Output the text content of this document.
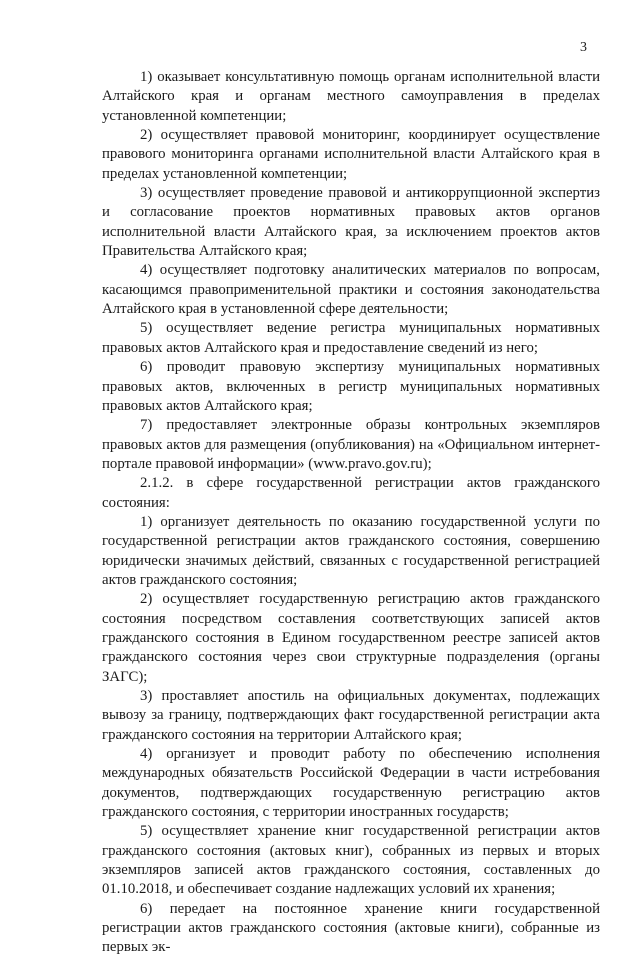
3

1) оказывает консультативную помощь органам исполнительной власти Алтайского края и органам местного самоуправления в пределах установленной компетенции;

2) осуществляет правовой мониторинг, координирует осуществление правового мониторинга органами исполнительной власти Алтайского края в пределах установленной компетенции;

3) осуществляет проведение правовой и антикоррупционной экспертиз и согласование проектов нормативных правовых актов органов исполнительной власти Алтайского края, за исключением проектов актов Правительства Алтайского края;

4) осуществляет подготовку аналитических материалов по вопросам, касающимся правоприменительной практики и состояния законодательства Алтайского края в установленной сфере деятельности;

5) осуществляет ведение регистра муниципальных нормативных правовых актов Алтайского края и предоставление сведений из него;

6) проводит правовую экспертизу муниципальных нормативных правовых актов, включенных в регистр муниципальных нормативных правовых актов Алтайского края;

7) предоставляет электронные образы контрольных экземпляров правовых актов для размещения (опубликования) на «Официальном интернет-портале правовой информации» (www.pravo.gov.ru);

2.1.2. в сфере государственной регистрации актов гражданского состояния:

1) организует деятельность по оказанию государственной услуги по государственной регистрации актов гражданского состояния, совершению юридически значимых действий, связанных с государственной регистрацией актов гражданского состояния;

2) осуществляет государственную регистрацию актов гражданского состояния посредством составления соответствующих записей актов гражданского состояния в Едином государственном реестре записей актов гражданского состояния через свои структурные подразделения (органы ЗАГС);

3) проставляет апостиль на официальных документах, подлежащих вывозу за границу, подтверждающих факт государственной регистрации акта гражданского состояния на территории Алтайского края;

4) организует и проводит работу по обеспечению исполнения международных обязательств Российской Федерации в части истребования документов, подтверждающих государственную регистрацию актов гражданского состояния, с территории иностранных государств;

5) осуществляет хранение книг государственной регистрации актов гражданского состояния (актовых книг), собранных из первых и вторых экземпляров записей актов гражданского состояния, составленных до 01.10.2018, и обеспечивает создание надлежащих условий их хранения;

6) передает на постоянное хранение книги государственной регистрации актов гражданского состояния (актовые книги), собранные из первых эк-
